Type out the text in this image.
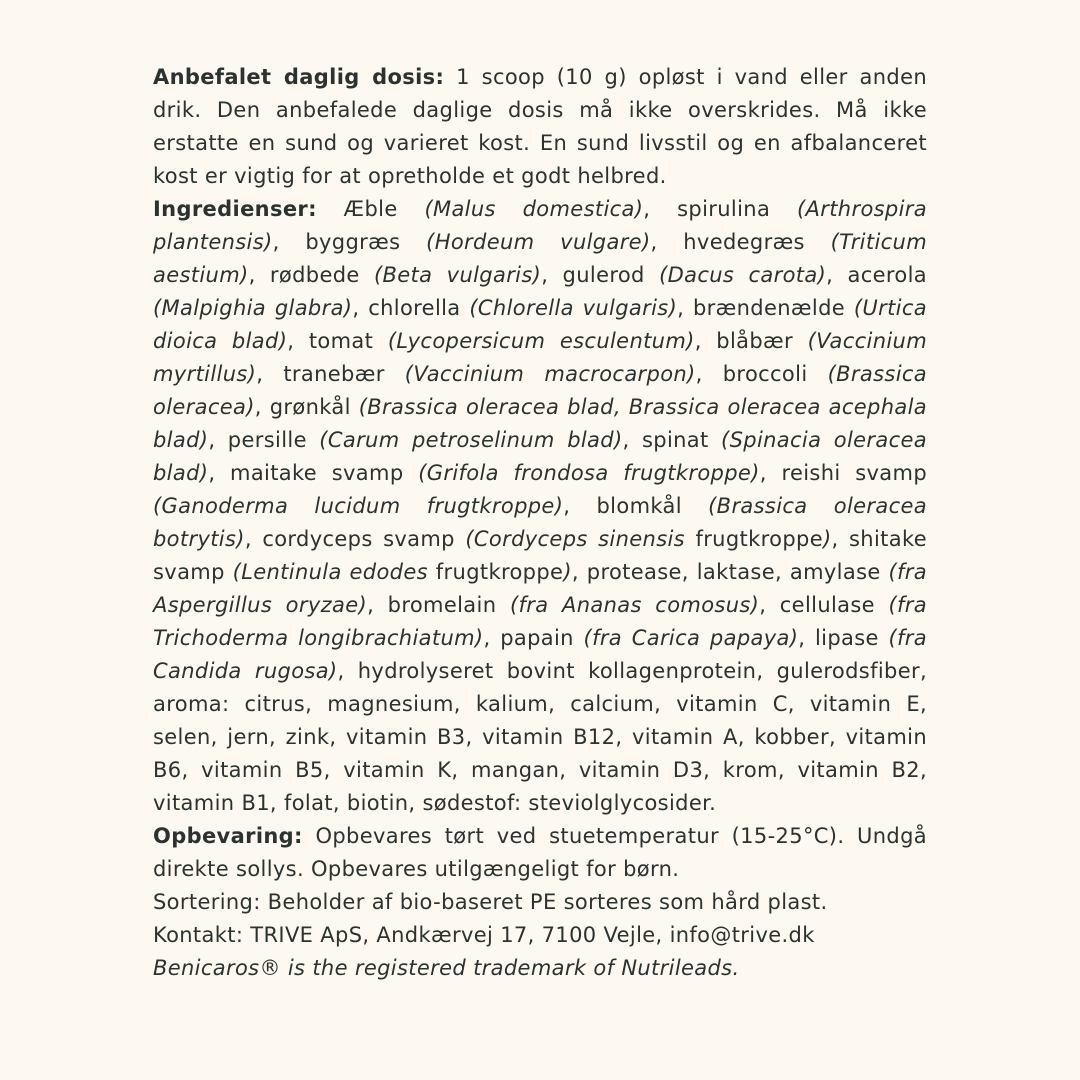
Anbefalet daglig dosis: 1 scoop (10 g) opløst i vand eller anden drik. Den anbefalede daglige dosis må ikke overskrides. Må ikke erstatte en sund og varieret kost. En sund livsstil og en afbalanceret kost er vigtig for at opretholde et godt helbred.

Ingredienser: Æble (Malus domestica), spirulina (Arthrospira plantensis), byggræs (Hordeum vulgare), hvedegræs (Triticum aestium), rødbede (Beta vulgaris), gulerod (Dacus carota), acerola (Malpighia glabra), chlorella (Chlorella vulgaris), brændenælde (Urtica dioica blad), tomat (Lycopersicum esculentum), blåbær (Vaccinium myrtillus), tranebær (Vaccinium macrocarpon), broccoli (Brassica oleracea), grønkål (Brassica oleracea blad, Brassica oleracea acephala blad), persille (Carum petroselinum blad), spinat (Spinacia oleracea blad), maitake svamp (Grifola frondosa frugtkroppe), reishi svamp (Ganoderma lucidum frugtkroppe), blomkål (Brassica oleracea botrytis), cordyceps svamp (Cordyceps sinensis frugtkroppe), shitake svamp (Lentinula edodes frugtkroppe), protease, laktase, amylase (fra Aspergillus oryzae), bromelain (fra Ananas comosus), cellulase (fra Trichoderma longibrachiatum), papain (fra Carica papaya), lipase (fra Candida rugosa), hydrolyseret bovint kollagenprotein, gulerodsfiber, aroma: citrus, magnesium, kalium, calcium, vitamin C, vitamin E, selen, jern, zink, vitamin B3, vitamin B12, vitamin A, kobber, vitamin B6, vitamin B5, vitamin K, mangan, vitamin D3, krom, vitamin B2, vitamin B1, folat, biotin, sødestof: steviolglycosider.

Opbevaring: Opbevares tørt ved stuetemperatur (15-25°C). Undgå direkte sollys. Opbevares utilgængeligt for børn.

Sortering: Beholder af bio-baseret PE sorteres som hård plast.

Kontakt: TRIVE ApS, Andkærvej 17, 7100 Vejle, info@trive.dk

Benicaros® is the registered trademark of Nutrileads.
